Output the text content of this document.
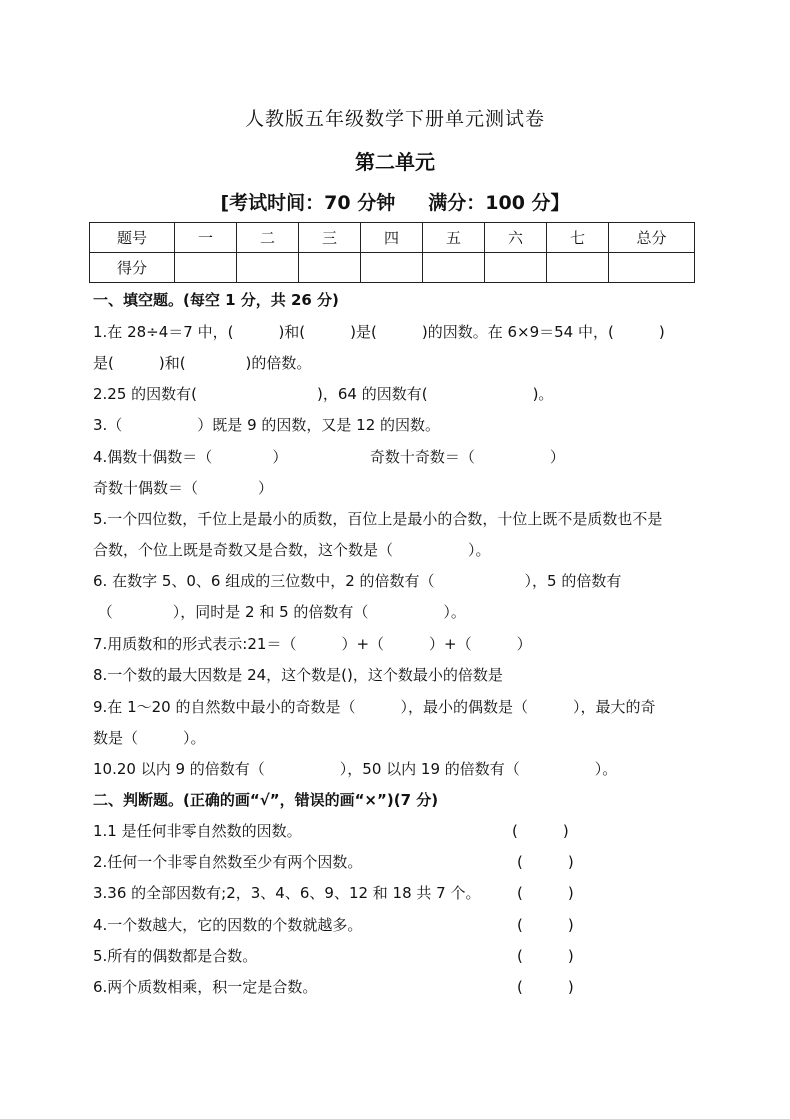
人教版五年级数学下册单元测试卷
第二单元
[考试时间：70 分钟     满分：100 分】
题号	一	二	三	四	五	六	七	总分
得分								
一、填空题。(每空 1 分，共 26 分)
1.在 28÷4＝7 中，(　　　)和(　　　)是(　　　)的因数。在 6×9＝54 中，(　　　)
是(　　　)和(　　　　)的倍数。
2.25 的因数有(　　　　　　　　)，64 的因数有(　　　　　　　)。
3.（　　　　　）既是 9 的因数，又是 12 的因数。
4.偶数十偶数＝（　　　　）　　　　　　奇数十奇数＝（　　　　　）
奇数十偶数＝（　　　　）
5.一个四位数，千位上是最小的质数，百位上是最小的合数，十位上既不是质数也不是
合数，个位上既是奇数又是合数，这个数是（　　　　　）。
6. 在数字 5、0、6 组成的三位数中，2 的倍数有（　　　　　　），5 的倍数有
（　　　　），同时是 2 和 5 的倍数有（　　　　　）。
7.用质数和的形式表示:21＝（　　　）+（　　　）+（　　　）
8.一个数的最大因数是 24，这个数是()，这个数最小的倍数是
9.在 1～20 的自然数中最小的奇数是（　　　），最小的偶数是（　　　），最大的奇
数是（　　　）。
10.20 以内 9 的倍数有（　　　　　），50 以内 19 的倍数有（　　　　　）。
二、判断题。(正确的画“√”，错误的画“×”)(7 分)
1.1 是任何非零自然数的因数。	(　　　)
2.任何一个非零自然数至少有两个因数。	(　　　)
3.36 的全部因数有;2，3、4、6、9、12 和 18 共 7 个。 (　　　)
4.一个数越大，它的因数的个数就越多。	(　　　)
5.所有的偶数都是合数。	(　　　)
6.两个质数相乘，积一定是合数。	(　　　)
